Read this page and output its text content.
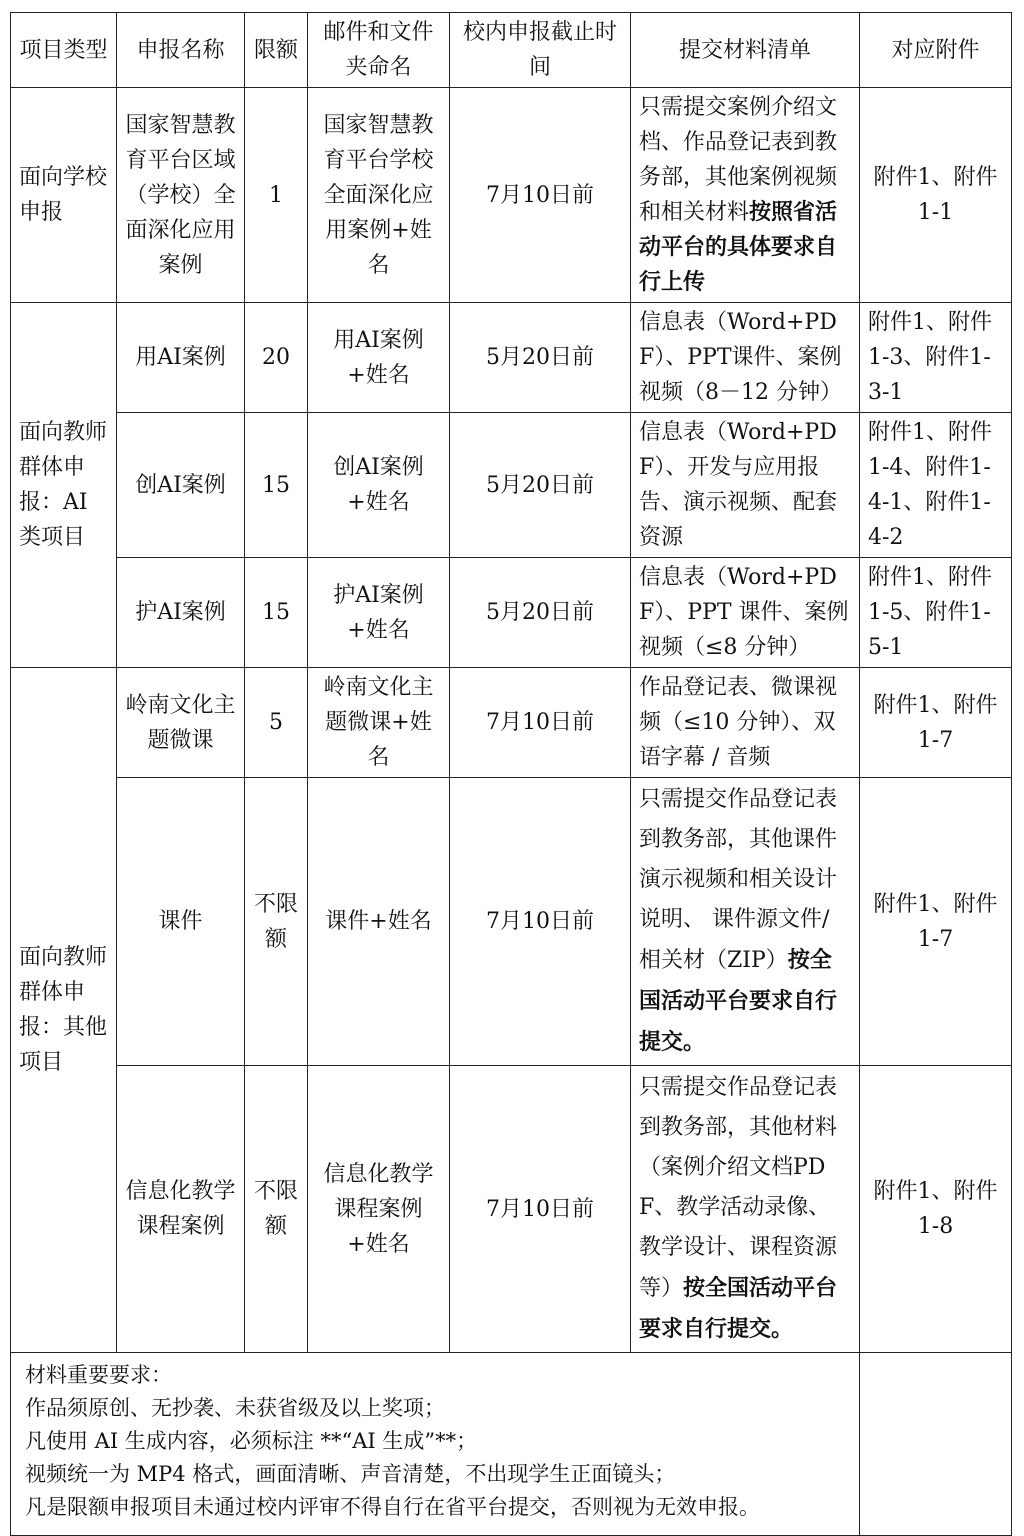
项目类型	申报名称	限额	邮件和文件夹命名	校内申报截止时间	提交材料清单	对应附件
面向学校申报	国家智慧教育平台区域（学校）全面深化应用案例	1	国家智慧教育平台学校全面深化应用案例+姓名	7月10日前	只需提交案例介绍文档、作品登记表到教务部，其他案例视频和相关材料按照省活动平台的具体要求自行上传	附件1、附件1-1
面向教师群体申报：AI类项目	用AI案例	20	用AI案例+姓名	5月20日前	信息表（Word+PDF）、PPT课件、案例视频（8－12 分钟）	附件1、附件1-3、附件1-3-1
	创AI案例	15	创AI案例+姓名	5月20日前	信息表（Word+PDF）、开发与应用报告、演示视频、配套资源	附件1、附件1-4、附件1-4-1、附件1-4-2
	护AI案例	15	护AI案例+姓名	5月20日前	信息表（Word+PDF）、PPT 课件、案例视频（≤8 分钟）	附件1、附件1-5、附件1-5-1
面向教师群体申报：其他项目	岭南文化主题微课	5	岭南文化主题微课+姓名	7月10日前	作品登记表、微课视频（≤10 分钟）、双语字幕 / 音频	附件1、附件1-7
	课件	不限额	课件+姓名	7月10日前	只需提交作品登记表到教务部，其他课件演示视频和相关设计说明、 课件源文件/ 相关材（ZIP）按全国活动平台要求自行提交。	附件1、附件1-7
	信息化教学课程案例	不限额	信息化教学课程案例+姓名	7月10日前	只需提交作品登记表到教务部，其他材料（案例介绍文档PDF、教学活动录像、教学设计、课程资源等）按全国活动平台要求自行提交。	附件1、附件1-8

材料重要要求：
作品须原创、无抄袭、未获省级及以上奖项；
凡使用 AI 生成内容，必须标注 **“AI 生成”**；
视频统一为 MP4 格式，画面清晰、声音清楚，不出现学生正面镜头；
凡是限额申报项目未通过校内评审不得自行在省平台提交，否则视为无效申报。						
